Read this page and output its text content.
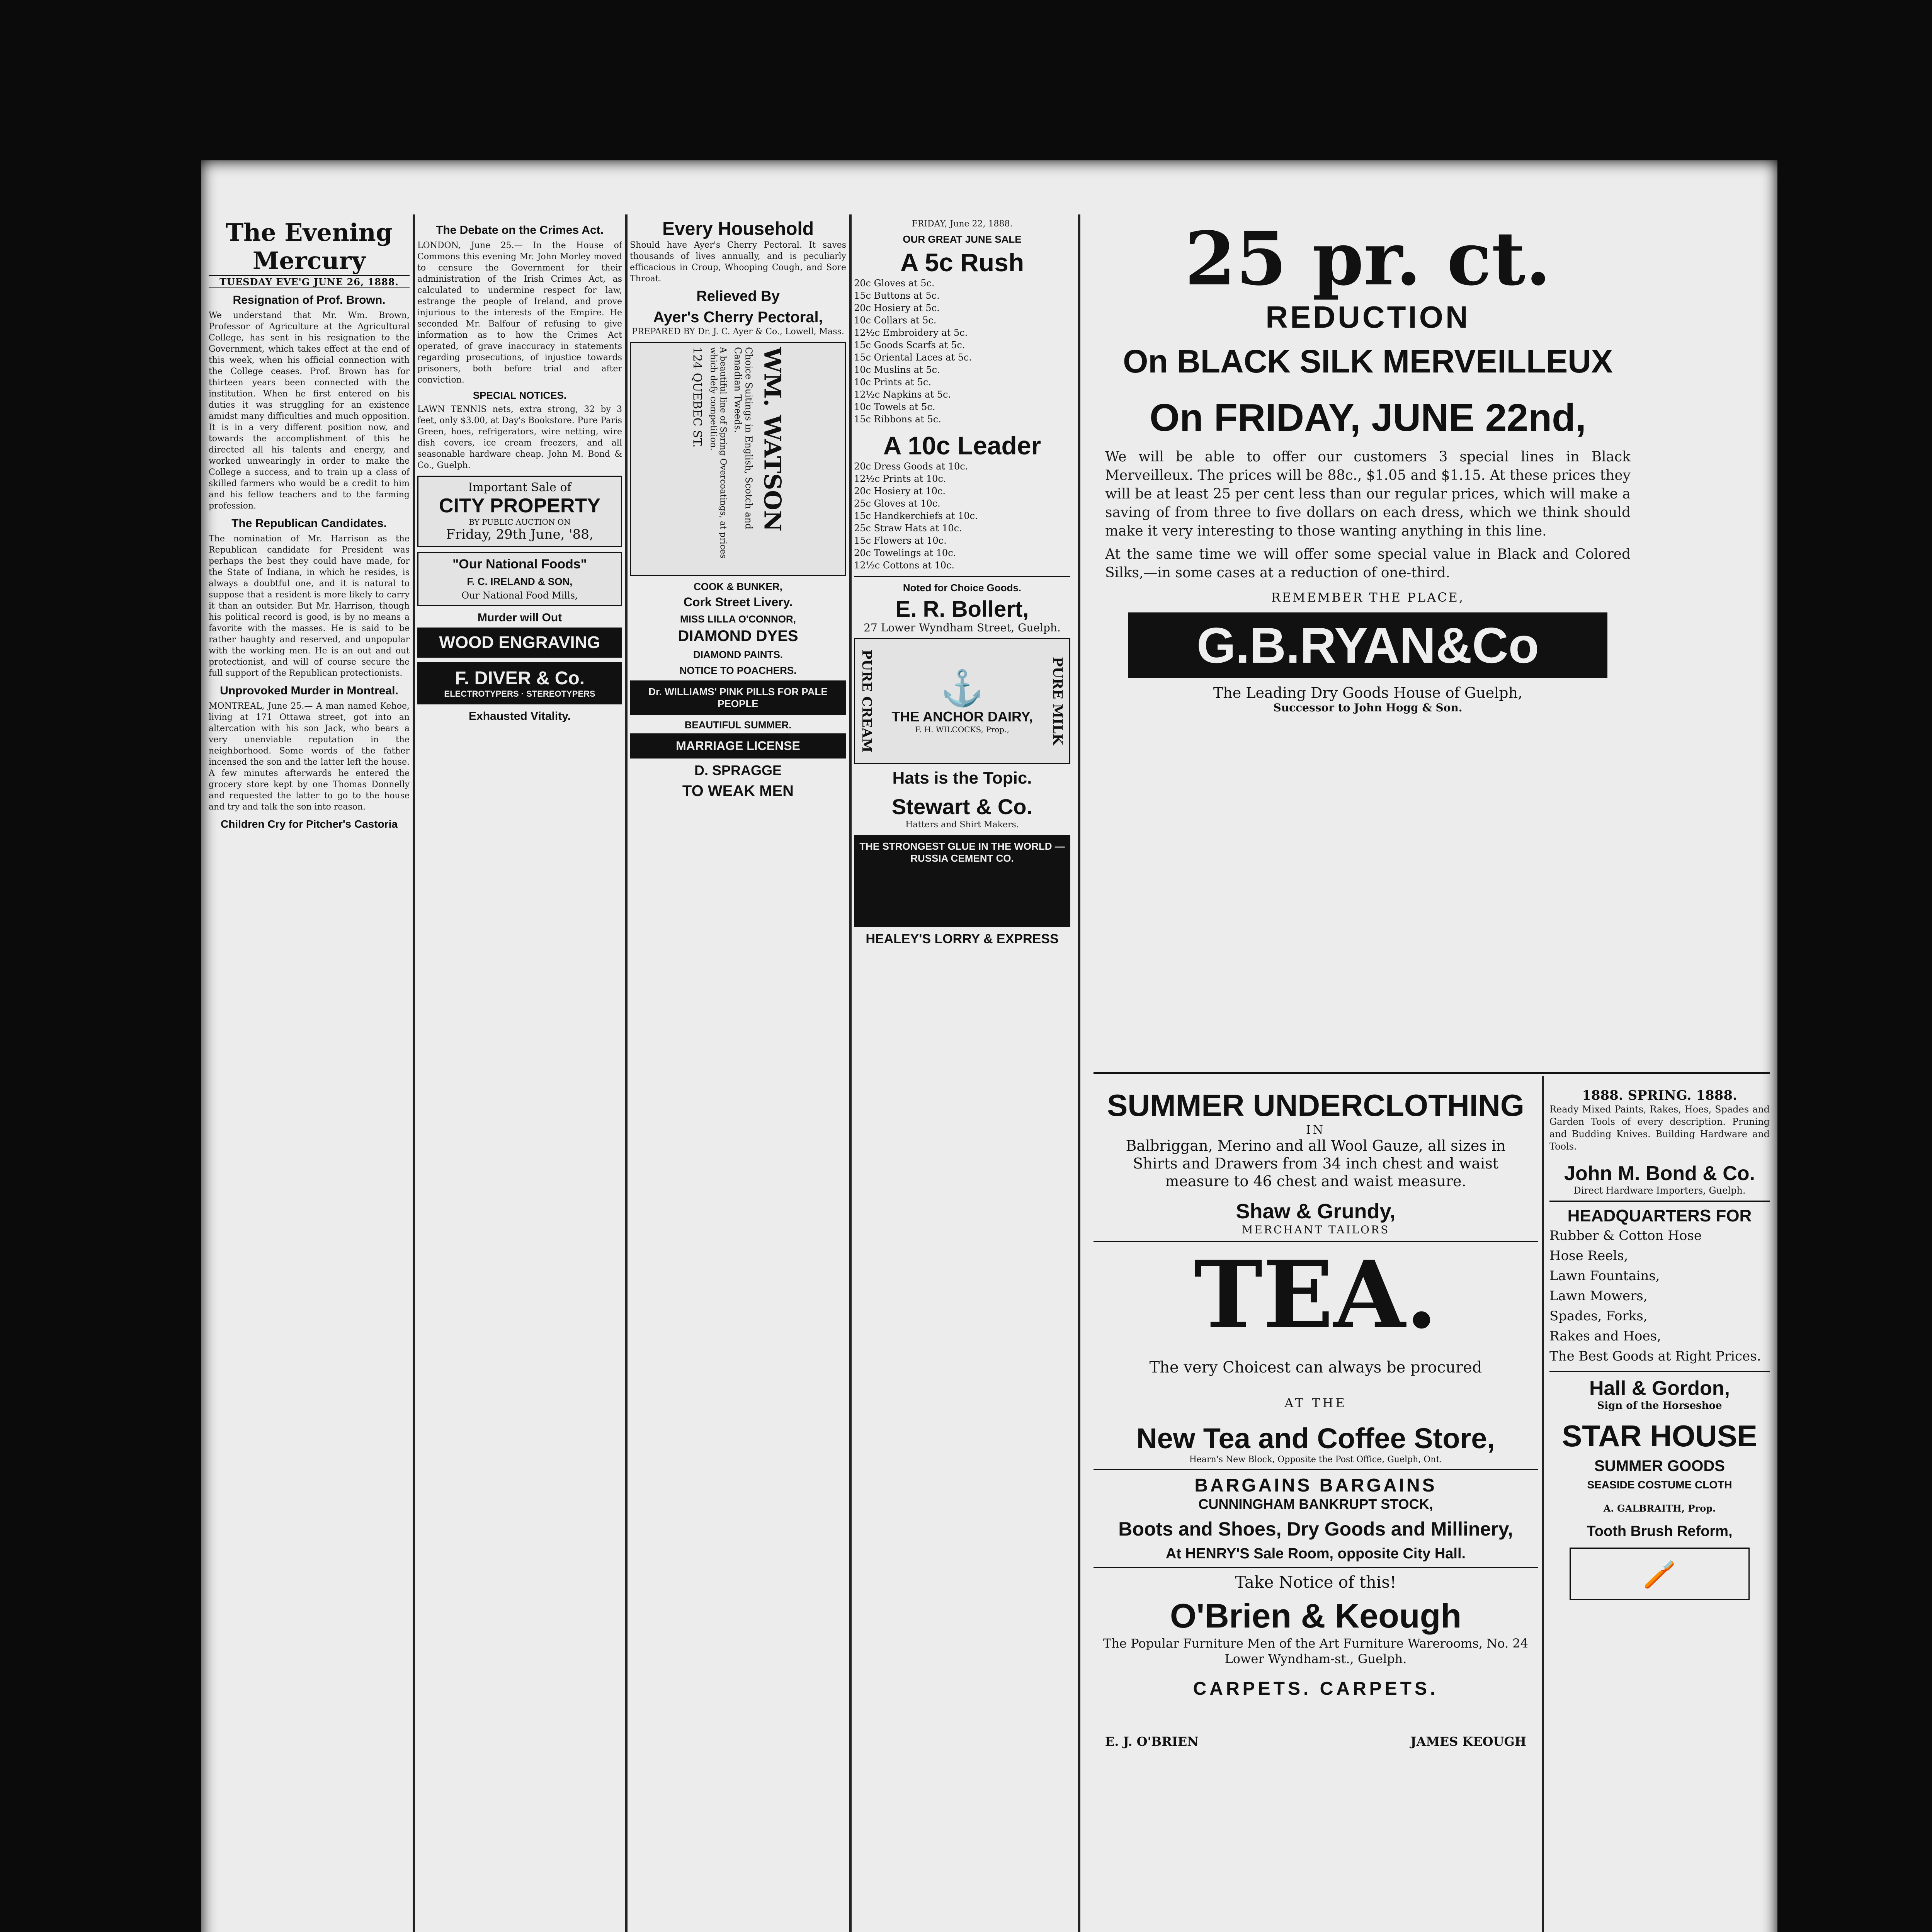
The Evening Mercury
TUESDAY EVE'G JUNE 26, 1888.
Resignation of Prof. Brown.
We understand that Mr. Wm. Brown, Professor of Agriculture at the Agricultural College, has sent in his resignation to the Government, which takes effect at the end of this week, when his official connection with the College ceases. Prof. Brown has for thirteen years been connected with the institution. When he first entered on his duties it was struggling for an existence amidst many difficulties and much opposition. It is in a very different position now, and towards the accomplishment of this he directed all his talents and energy, and worked unwearingly in order to make the College a success, and to train up a class of skilled farmers who would be a credit to him and his fellow teachers and to the farming profession.
The Republican Candidates.
The nomination of Mr. Harrison as the Republican candidate for President was perhaps the best they could have made, for the State of Indiana, in which he resides, is always a doubtful one, and it is natural to suppose that a resident is more likely to carry it than an outsider. But Mr. Harrison, though his political record is good, is by no means a favorite with the masses. He is said to be rather haughty and reserved, and unpopular with the working men. He is an out and out protectionist, and will of course secure the full support of the Republican protectionists.
Unprovoked Murder in Montreal.
MONTREAL, June 25.— A man named Kehoe, living at 171 Ottawa street, got into an altercation with his son Jack, who bears a very unenviable reputation in the neighborhood. Some words of the father incensed the son and the latter left the house. A few minutes afterwards he entered the grocery store kept by one Thomas Donnelly and requested the latter to go to the house and try and talk the son into reason.
Children Cry for Pitcher's Castoria
The Debate on the Crimes Act.
LONDON, June 25.— In the House of Commons this evening Mr. John Morley moved to censure the Government for their administration of the Irish Crimes Act, as calculated to undermine respect for law, estrange the people of Ireland, and prove injurious to the interests of the Empire. He seconded Mr. Balfour of refusing to give information as to how the Crimes Act operated, of grave inaccuracy in statements regarding prosecutions, of injustice towards prisoners, both before trial and after conviction.
SPECIAL NOTICES.
LAWN TENNIS nets, extra strong, 32 by 3 feet, only $3.00, at Day's Bookstore. Pure Paris Green, hoes, refrigerators, wire netting, wire dish covers, ice cream freezers, and all seasonable hardware cheap. John M. Bond & Co., Guelph.
Important Sale of
CITY PROPERTY
BY PUBLIC AUCTION ON
Friday, 29th June, '88,
"Our National Foods"
F. C. IRELAND & SON,
Our National Food Mills,
Murder will Out
WOOD ENGRAVING
F. DIVER & Co.
ELECTROTYPERS · STEREOTYPERS
Exhausted Vitality.
Every Household
Should have Ayer's Cherry Pectoral. It saves thousands of lives annually, and is peculiarly efficacious in Croup, Whooping Cough, and Sore Throat.
Relieved By
Ayer's Cherry Pectoral,
PREPARED BY Dr. J. C. Ayer & Co., Lowell, Mass.
124 QUEBEC ST.	A beautiful line of Spring Overcoatings, at prices which defy competition.	Choice Suitings in English, Scotch and Canadian Tweeds. WM. WATSON
COOK & BUNKER,
Cork Street Livery.
MISS LILLA O'CONNOR,
DIAMOND DYES
DIAMOND PAINTS.
NOTICE TO POACHERS.
Dr. WILLIAMS' PINK PILLS FOR PALE PEOPLE
BEAUTIFUL SUMMER.
MARRIAGE LICENSE
D. SPRAGGE
TO WEAK MEN
FRIDAY, June 22, 1888.
OUR GREAT JUNE SALE
A 5c Rush
20c Gloves at 5c.
15c Buttons at 5c.
20c Hosiery at 5c.
10c Collars at 5c.
12½c Embroidery at 5c.
15c Goods Scarfs at 5c.
15c Oriental Laces at 5c.
10c Muslins at 5c.
10c Prints at 5c.
12½c Napkins at 5c.
10c Towels at 5c.
15c Ribbons at 5c.
A 10c Leader
20c Dress Goods at 10c.
12½c Prints at 10c.
20c Hosiery at 10c.
25c Gloves at 10c.
15c Handkerchiefs at 10c.
25c Straw Hats at 10c.
15c Flowers at 10c.
20c Towelings at 10c.
12½c Cottons at 10c.
Noted for Choice Goods.
E. R. Bollert,
27 Lower Wyndham Street, Guelph.
PURE CREAM	⚓
THE ANCHOR DAIRY,
F. H. WILCOCKS, Prop.,	PURE MILK
Hats is the Topic.
Stewart & Co.
Hatters and Shirt Makers.
THE STRONGEST GLUE IN THE WORLD — RUSSIA CEMENT CO.
HEALEY'S LORRY & EXPRESS
25 pr. ct.
REDUCTION
On BLACK SILK MERVEILLEUX
On FRIDAY, JUNE 22nd,
We will be able to offer our customers 3 special lines in Black Merveilleux. The prices will be 88c., $1.05 and $1.15. At these prices they will be at least 25 per cent less than our regular prices, which will make a saving of from three to five dollars on each dress, which we think should make it very interesting to those wanting anything in this line.
At the same time we will offer some special value in Black and Colored Silks,—in some cases at a reduction of one-third.
REMEMBER THE PLACE,
G.B.RYAN&Co
The Leading Dry Goods House of Guelph,
Successor to John Hogg & Son.
SUMMER UNDERCLOTHING
IN
Balbriggan, Merino and all Wool Gauze, all sizes in Shirts and Drawers from 34 inch chest and waist measure to 46 chest and waist measure.
Shaw & Grundy,
MERCHANT TAILORS
TEA.
The very Choicest can always be procured
AT THE
New Tea and Coffee Store,
Hearn's New Block, Opposite the Post Office, Guelph, Ont.
BARGAINS BARGAINS
CUNNINGHAM BANKRUPT STOCK,
Boots and Shoes, Dry Goods and Millinery,
At HENRY'S Sale Room, opposite City Hall.
Take Notice of this!
O'Brien & Keough
The Popular Furniture Men of the Art Furniture Warerooms, No. 24 Lower Wyndham-st., Guelph.
CARPETS. CARPETS.
E. J. O'BRIEN	JAMES KEOUGH
1888. SPRING. 1888.
Ready Mixed Paints, Rakes, Hoes, Spades and Garden Tools of every description. Pruning and Budding Knives. Building Hardware and Tools.
John M. Bond & Co.
Direct Hardware Importers, Guelph.
HEADQUARTERS FOR
Rubber & Cotton Hose
Hose Reels,
Lawn Fountains,
Lawn Mowers,
Spades, Forks,
Rakes and Hoes,
The Best Goods at Right Prices.
Hall & Gordon,
Sign of the Horseshoe
STAR HOUSE
SUMMER GOODS
SEASIDE COSTUME CLOTH
A. GALBRAITH, Prop.
Tooth Brush Reform,
🪥
